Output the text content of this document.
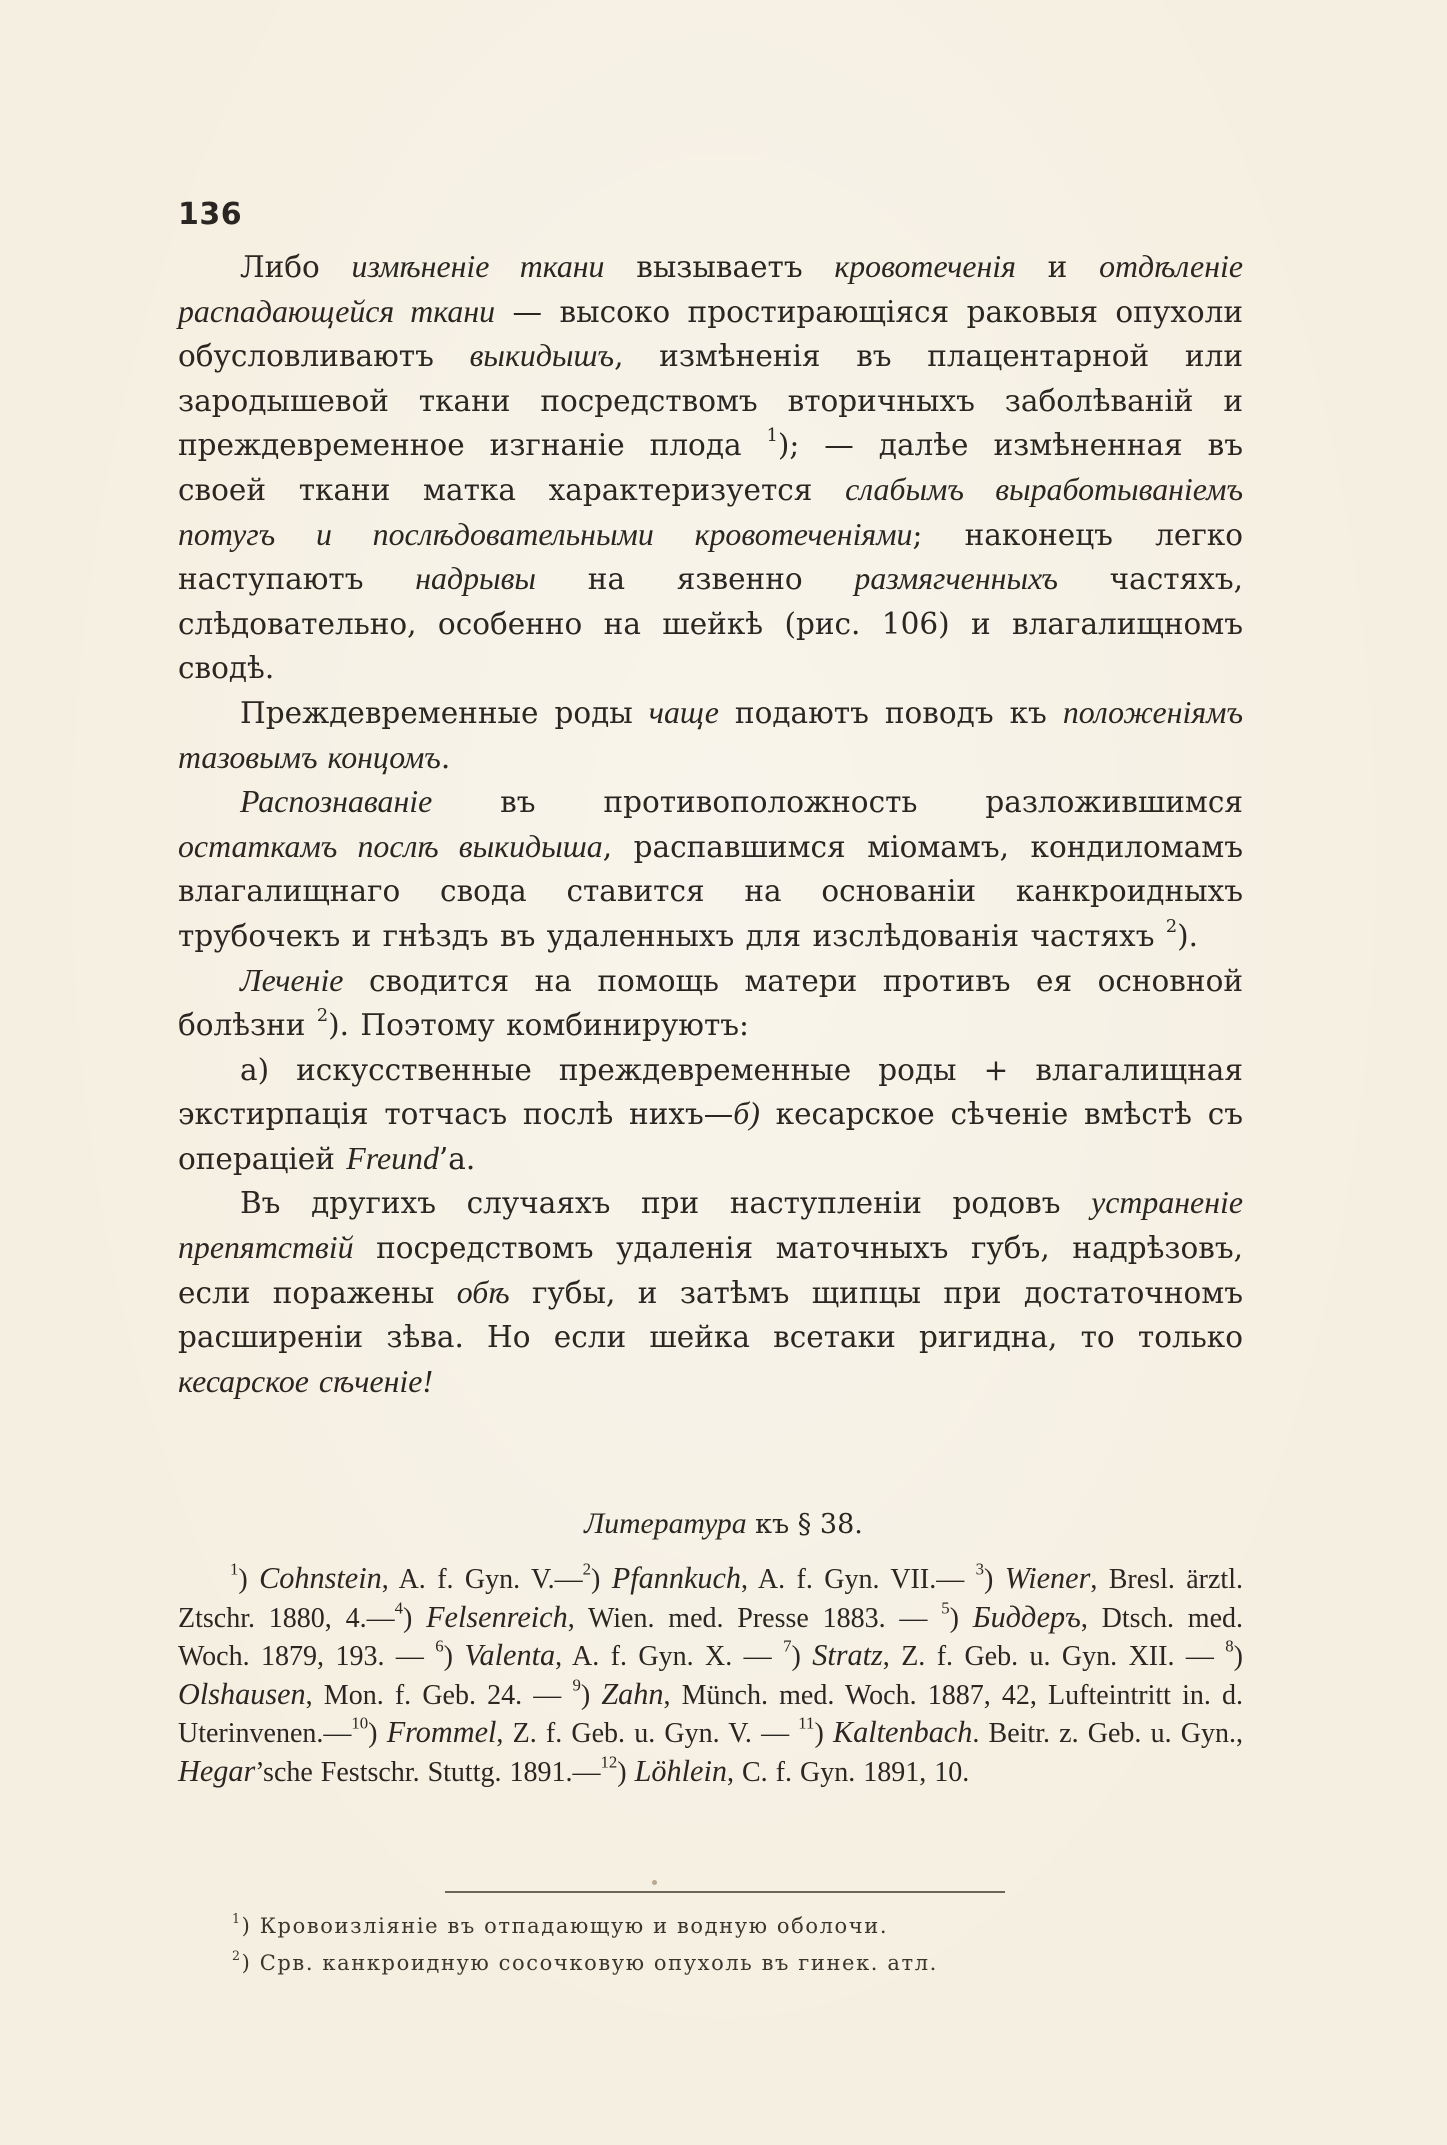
136

Либо измѣненіе ткани вызываетъ кровотеченія и отдѣленіе распадающейся ткани — высоко простирающіяся раковыя опухоли обусловливаютъ выкидышъ, измѣненія въ плацентарной или зародышевой ткани посредствомъ вторичныхъ заболѣваній и преждевременное изгнаніе плода $^1$); — далѣе измѣненная въ своей ткани матка характеризуется слабымъ выработываніемъ потугъ и послѣдовательными кровотеченіями; наконецъ легко наступаютъ надрывы на язвенно размягченныхъ частяхъ, слѣдовательно, особенно на шейкѣ (рис. 106) и влагалищномъ сводѣ.

Преждевременные роды чаще подаютъ поводъ къ положеніямъ тазовымъ концомъ.

Распознаваніе въ противоположность разложившимся остаткамъ послѣ выкидыша, распавшимся міомамъ, кондиломамъ влагалищнаго свода ставится на основаніи канкроидныхъ трубочекъ и гнѣздъ въ удаленныхъ для изслѣдованія частяхъ $^2$).

Леченіе сводится на помощь матери противъ ея основной болѣзни $^2$). Поэтому комбинируютъ:

а) искусственные преждевременные роды + влагалищная экстирпація тотчасъ послѣ нихъ—б) кесарское сѣченіе вмѣстѣ съ операціей Freund’а.

Въ другихъ случаяхъ при наступленіи родовъ устраненіе препятствій посредствомъ удаленія маточныхъ губъ, надрѣзовъ, если поражены обѣ губы, и затѣмъ щипцы при достаточномъ расширеніи зѣва. Но если шейка всетаки ригидна, то только кесарское сѣченіе!

Литература къ § 38.

$^1$) Cohnstein, A. f. Gyn. V.—$^2$) Pfannkuch, A. f. Gyn. VII.— $^3$) Wiener, Bresl. ärztl. Ztschr. 1880, 4.—$^4$) Felsenreich, Wien. med. Presse 1883. — $^5$) Биддеръ, Dtsch. med. Woch. 1879, 193. — $^6$) Valenta, A. f. Gyn. X. — $^7$) Stratz, Z. f. Geb. u. Gyn. XII. — $^8$) Olshausen, Mon. f. Geb. 24. — $^9$) Zahn, Münch. med. Woch. 1887, 42, Lufteintritt in. d. Uterinvenen.—$^{10}$) Frommel, Z. f. Geb. u. Gyn. V. — $^{11}$) Kaltenbach. Beitr. z. Geb. u. Gyn., Hegar’sche Festschr. Stuttg. 1891.—$^{12}$) Löhlein, C. f. Gyn. 1891, 10.

$^1$) Кровоизліяніе въ отпадающую и водную оболочи.

$^2$) Срв. канкроидную сосочковую опухоль въ гинек. атл.
